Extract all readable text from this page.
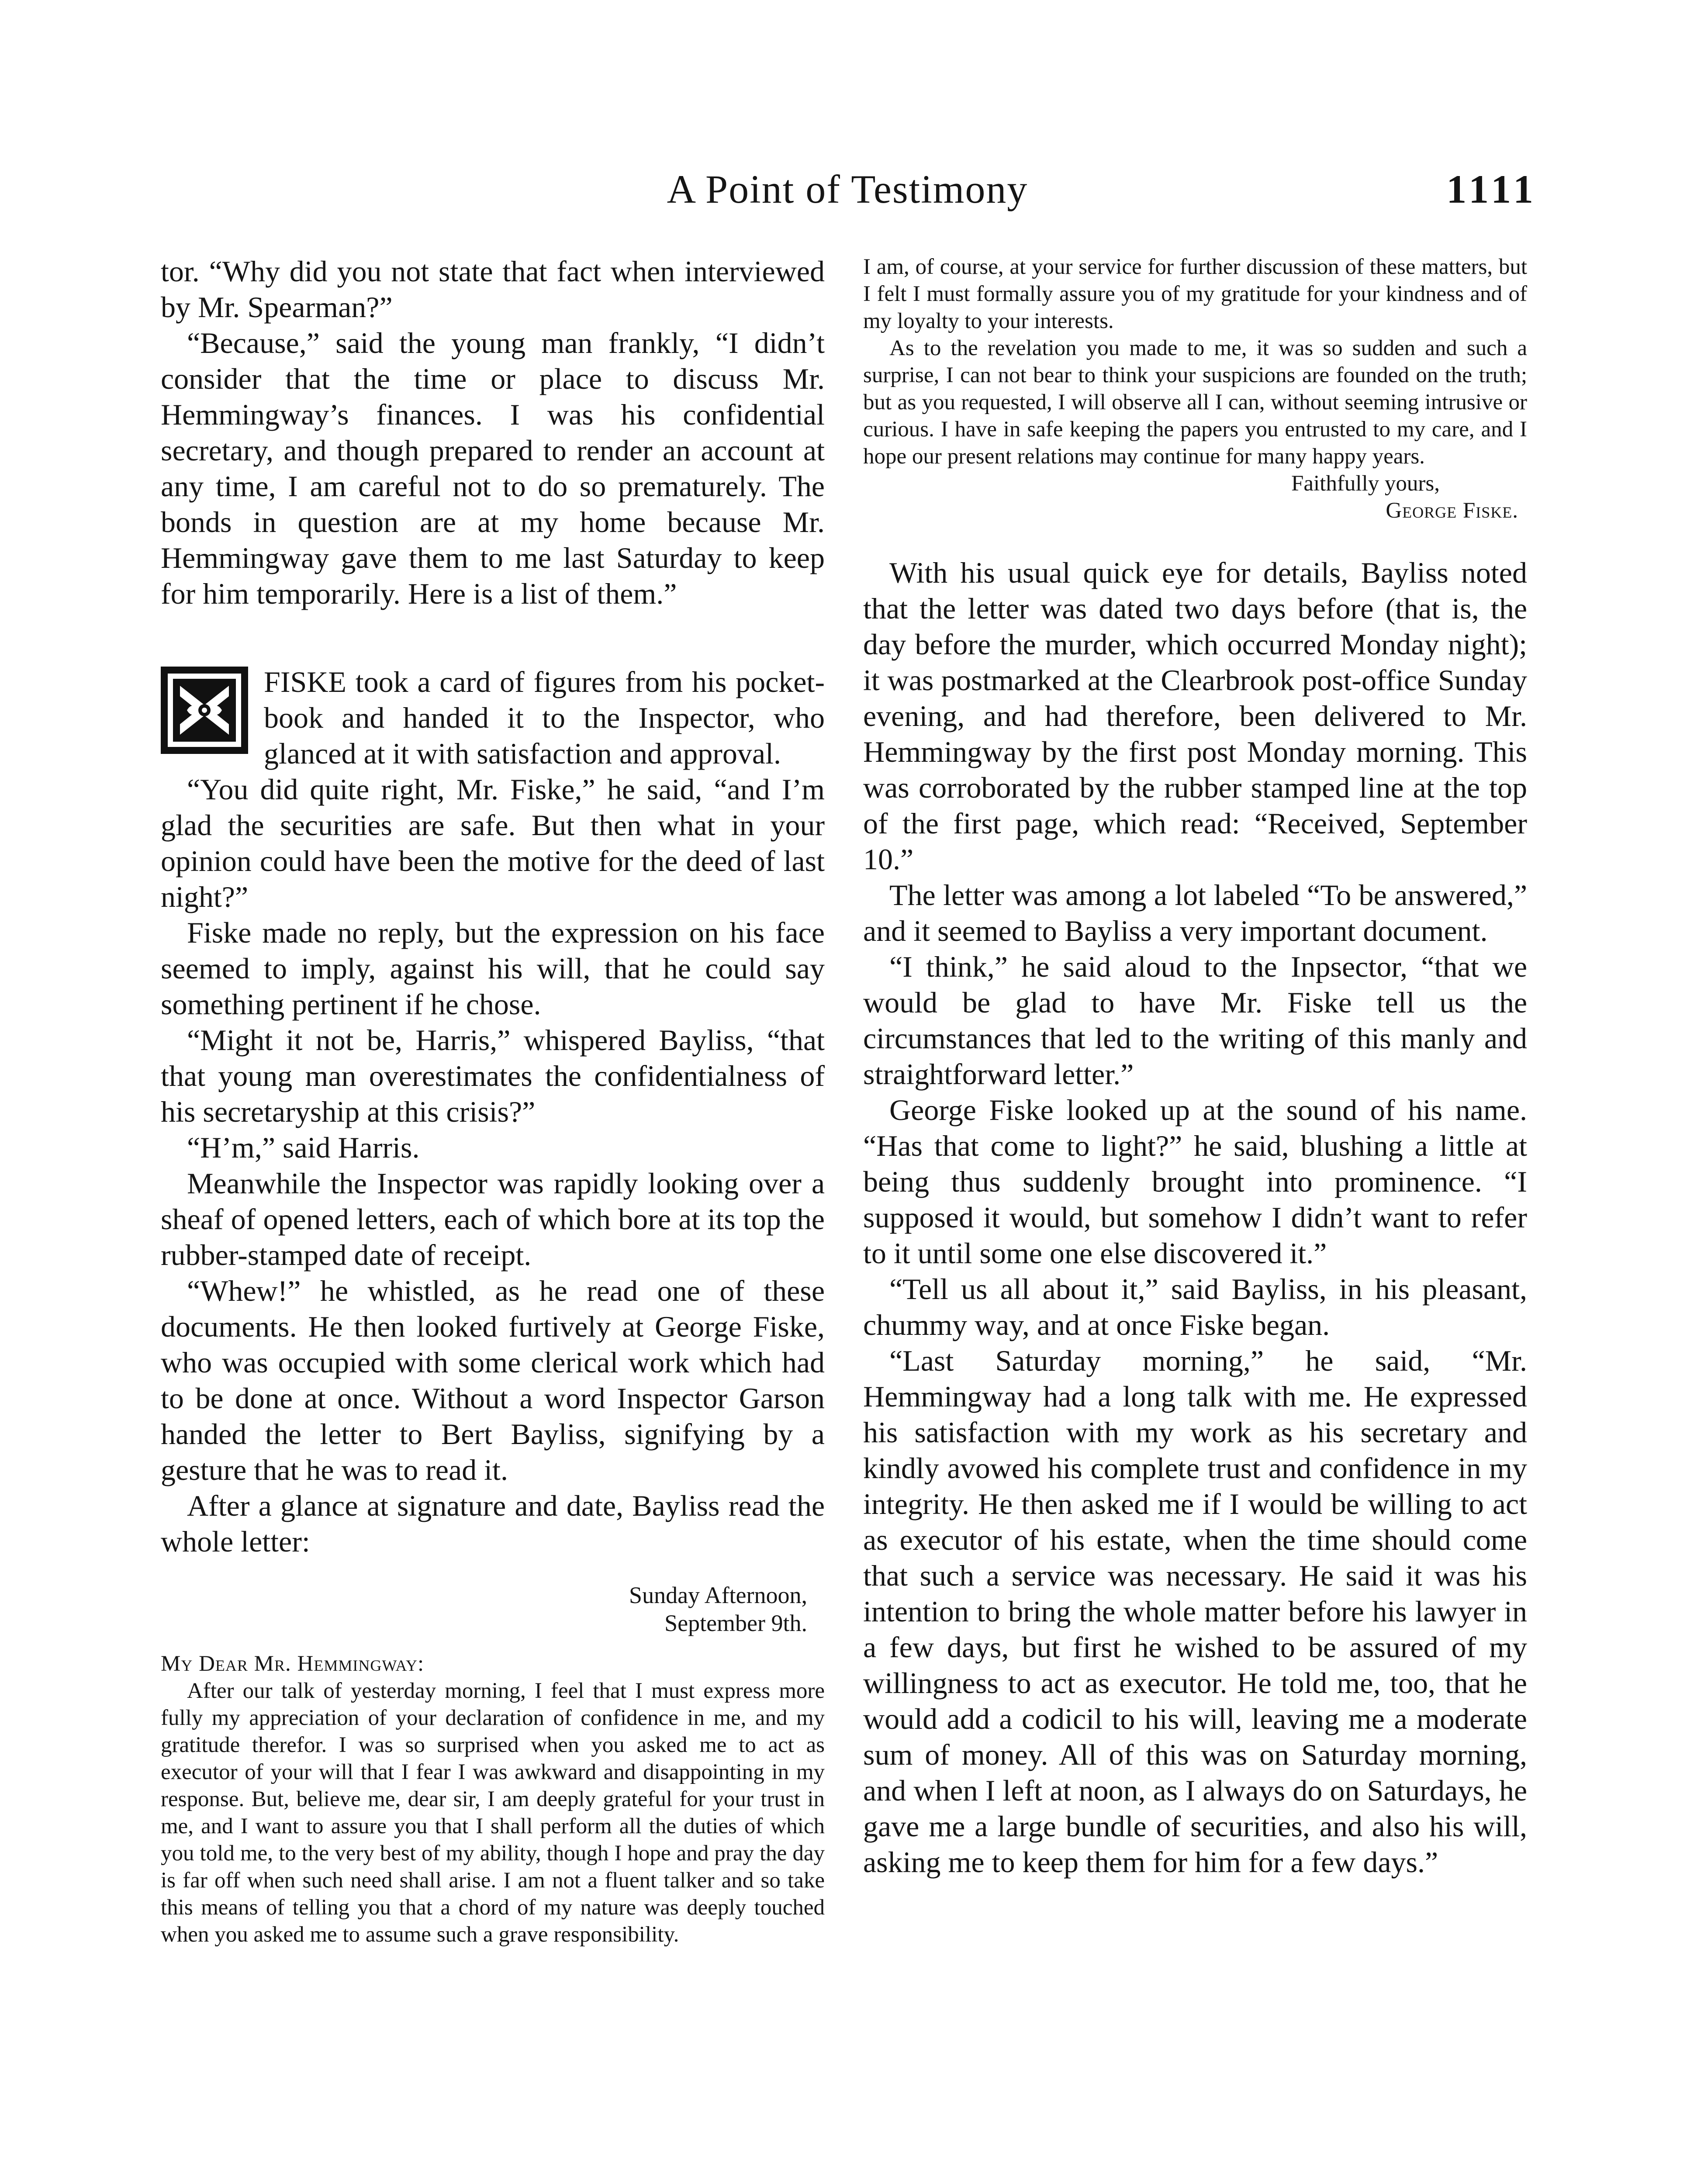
A Point of Testimony	1111

tor. “Why did you not state that fact when interviewed by Mr. Spearman?”

“Because,” said the young man frankly, “I didn’t consider that the time or place to discuss Mr. Hemmingway’s finances. I was his confidential secretary, and though prepared to render an account at any time, I am careful not to do so prematurely. The bonds in question are at my home because Mr. Hemmingway gave them to me last Saturday to keep for him temporarily. Here is a list of them.”

FISKE took a card of figures from his pocket-book and handed it to the Inspector, who glanced at it with satisfaction and approval.

“You did quite right, Mr. Fiske,” he said, “and I’m glad the securities are safe. But then what in your opinion could have been the motive for the deed of last night?”

Fiske made no reply, but the expression on his face seemed to imply, against his will, that he could say something pertinent if he chose.

“Might it not be, Harris,” whispered Bayliss, “that that young man overestimates the confidentialness of his secretaryship at this crisis?”

“H’m,” said Harris.

Meanwhile the Inspector was rapidly looking over a sheaf of opened letters, each of which bore at its top the rubber-stamped date of receipt.

“Whew!” he whistled, as he read one of these documents. He then looked furtively at George Fiske, who was occupied with some clerical work which had to be done at once. Without a word Inspector Garson handed the letter to Bert Bayliss, signifying by a gesture that he was to read it.

After a glance at signature and date, Bayliss read the whole letter:

Sunday Afternoon,
September 9th.

My Dear Mr. Hemmingway:

After our talk of yesterday morning, I feel that I must express more fully my appreciation of your declaration of confidence in me, and my gratitude therefor. I was so surprised when you asked me to act as executor of your will that I fear I was awkward and disappointing in my response. But, believe me, dear sir, I am deeply grateful for your trust in me, and I want to assure you that I shall perform all the duties of which you told me, to the very best of my ability, though I hope and pray the day is far off when such need shall arise. I am not a fluent talker and so take this means of telling you that a chord of my nature was deeply touched when you asked me to assume such a grave responsibility.

I am, of course, at your service for further discussion of these matters, but I felt I must formally assure you of my gratitude for your kindness and of my loyalty to your interests.

As to the revelation you made to me, it was so sudden and such a surprise, I can not bear to think your suspicions are founded on the truth; but as you requested, I will observe all I can, without seeming intrusive or curious. I have in safe keeping the papers you entrusted to my care, and I hope our present relations may continue for many happy years.

Faithfully yours,
George Fiske.

With his usual quick eye for details, Bayliss noted that the letter was dated two days before (that is, the day before the murder, which occurred Monday night); it was postmarked at the Clearbrook post-office Sunday evening, and had therefore, been delivered to Mr. Hemmingway by the first post Monday morning. This was corroborated by the rubber stamped line at the top of the first page, which read: “Received, September 10.”

The letter was among a lot labeled “To be answered,” and it seemed to Bayliss a very important document.

“I think,” he said aloud to the Inpsector, “that we would be glad to have Mr. Fiske tell us the circumstances that led to the writing of this manly and straightforward letter.”

George Fiske looked up at the sound of his name. “Has that come to light?” he said, blushing a little at being thus suddenly brought into prominence. “I supposed it would, but somehow I didn’t want to refer to it until some one else discovered it.”

“Tell us all about it,” said Bayliss, in his pleasant, chummy way, and at once Fiske began.

“Last Saturday morning,” he said, “Mr. Hemmingway had a long talk with me. He expressed his satisfaction with my work as his secretary and kindly avowed his complete trust and confidence in my integrity. He then asked me if I would be willing to act as executor of his estate, when the time should come that such a service was necessary. He said it was his intention to bring the whole matter before his lawyer in a few days, but first he wished to be assured of my willingness to act as executor. He told me, too, that he would add a codicil to his will, leaving me a moderate sum of money. All of this was on Saturday morning, and when I left at noon, as I always do on Saturdays, he gave me a large bundle of securities, and also his will, asking me to keep them for him for a few days.”
